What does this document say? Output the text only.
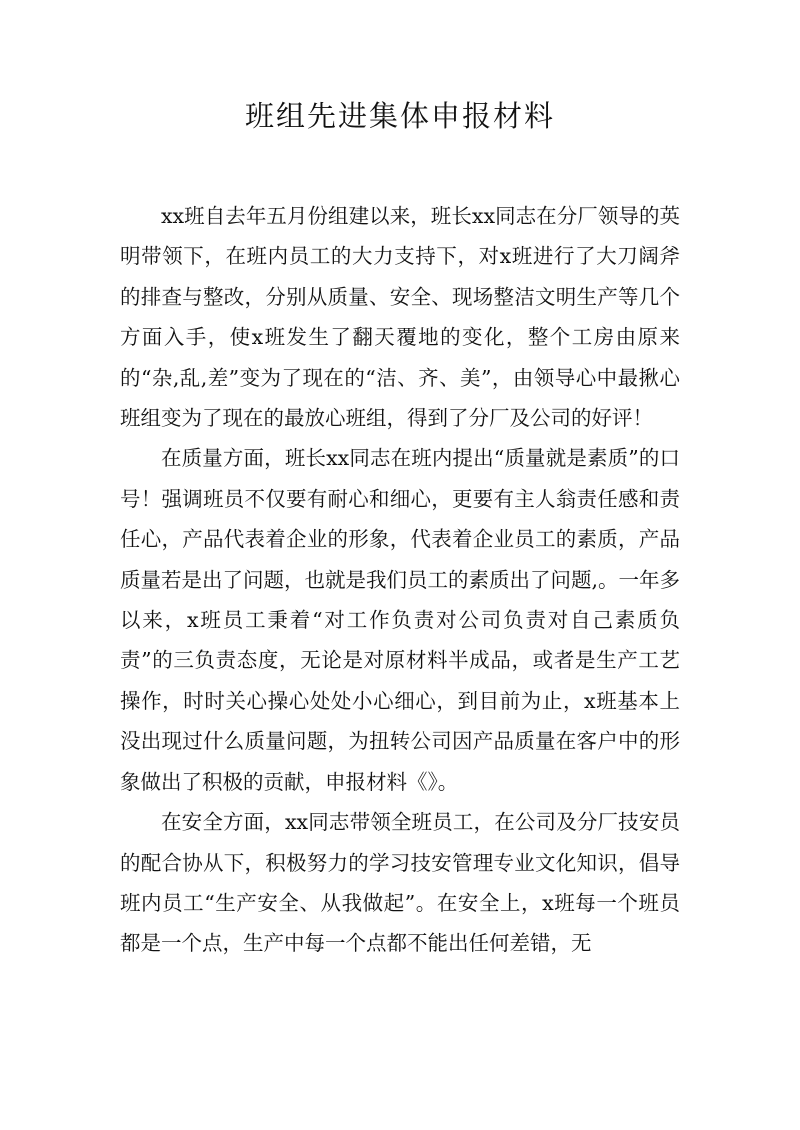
班组先进集体申报材料

xx班自去年五月份组建以来，班长xx同志在分厂领导的英明带领下，在班内员工的大力支持下，对x班进行了大刀阔斧的排查与整改，分别从质量、安全、现场整洁文明生产等几个方面入手，使x班发生了翻天覆地的变化，整个工房由原来的“杂,乱,差”变为了现在的“洁、齐、美”，由领导心中最揪心班组变为了现在的最放心班组，得到了分厂及公司的好评！

在质量方面，班长xx同志在班内提出“质量就是素质”的口号！强调班员不仅要有耐心和细心，更要有主人翁责任感和责任心，产品代表着企业的形象，代表着企业员工的素质，产品质量若是出了问题，也就是我们员工的素质出了问题,。一年多以来，x班员工秉着“对工作负责对公司负责对自己素质负责”的三负责态度，无论是对原材料半成品，或者是生产工艺操作，时时关心操心处处小心细心，到目前为止，x班基本上没出现过什么质量问题，为扭转公司因产品质量在客户中的形象做出了积极的贡献，申报材料《》。

在安全方面，xx同志带领全班员工，在公司及分厂技安员的配合协从下，积极努力的学习技安管理专业文化知识，倡导班内员工“生产安全、从我做起”。在安全上，x班每一个班员都是一个点，生产中每一个点都不能出任何差错，无
